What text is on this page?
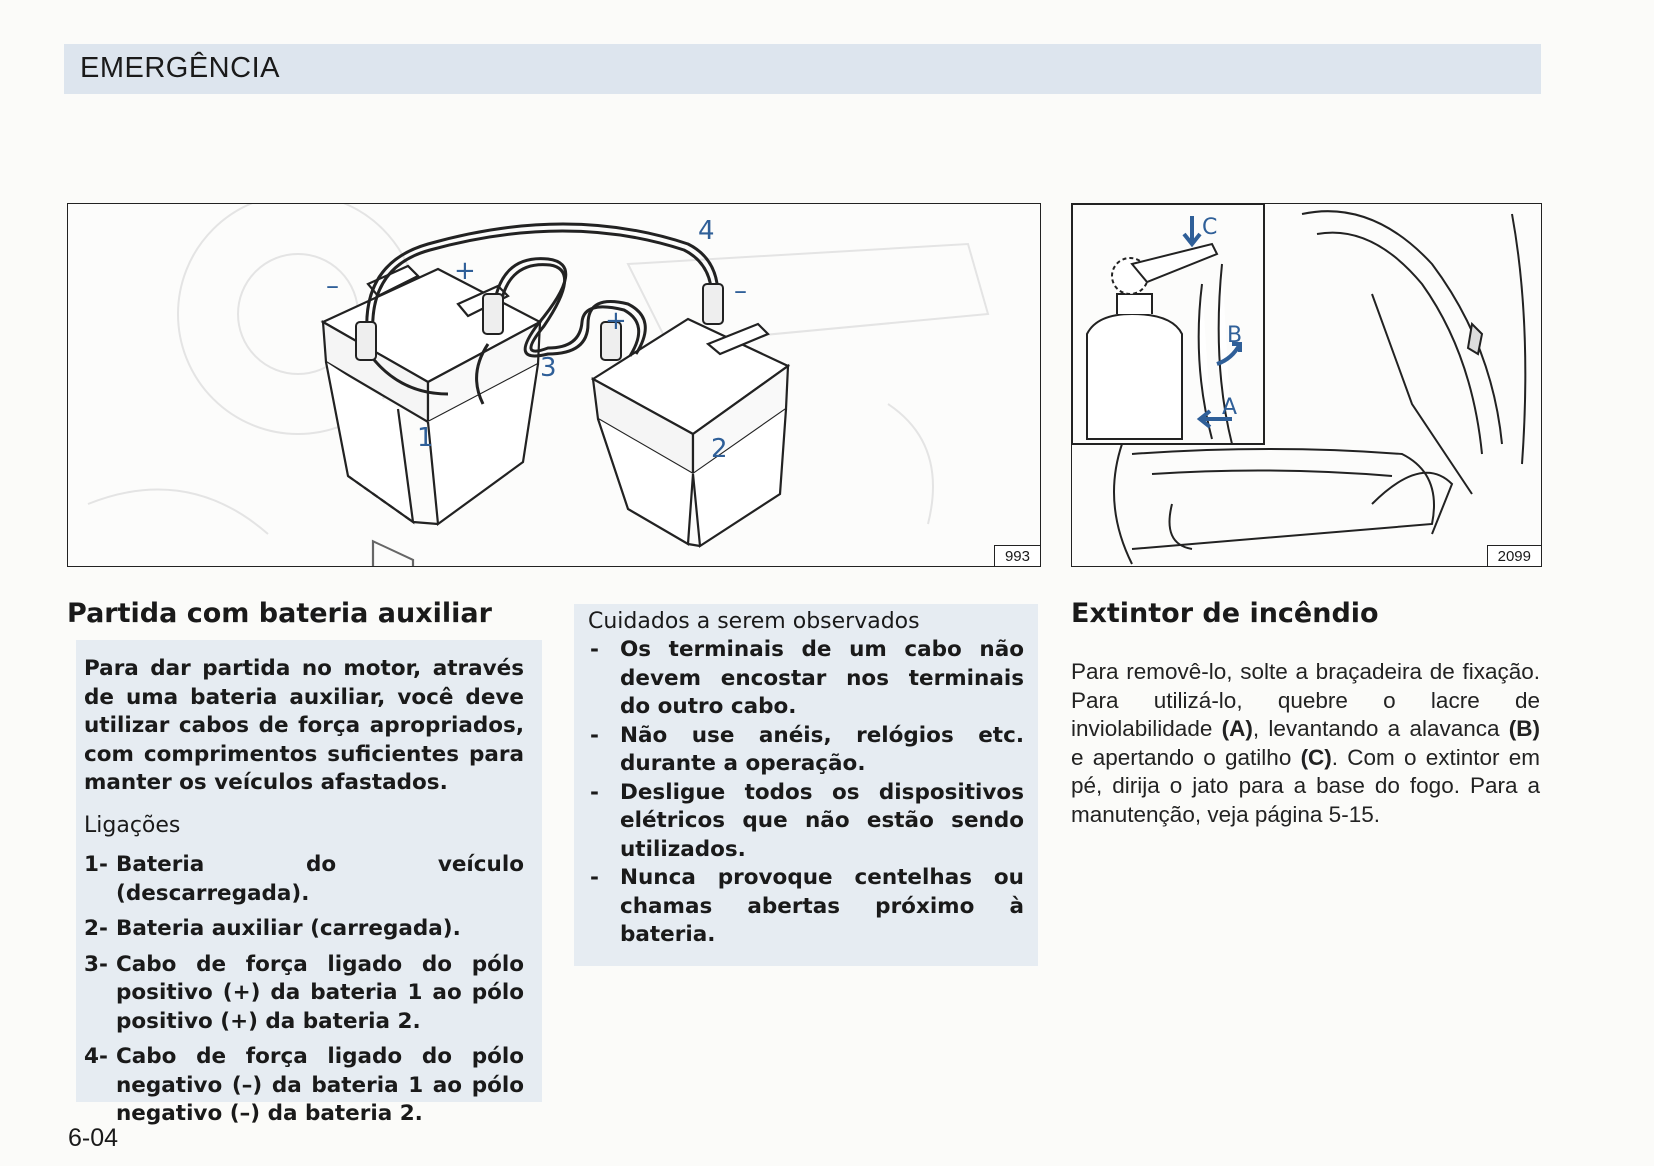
EMERGÊNCIA
–	+
+
–
1	2
3
4
993
C
B
A
2099
Partida com bateria auxiliar

Para dar partida no motor, através de uma bateria auxiliar, você deve utilizar cabos de força apropriados, com comprimentos suficientes para manter os veículos afastados.

Ligações
1- Bateria do veículo (descarregada).
2- Bateria auxiliar (carregada).
3- Cabo de força ligado do pólo positivo (+) da bateria 1 ao pólo positivo (+) da bateria 2.
4- Cabo de força ligado do pólo negativo (–) da bateria 1 ao pólo negativo (–) da bateria 2.
Cuidados a serem observados
- Os terminais de um cabo não devem encostar nos terminais do outro cabo.
- Não use anéis, relógios etc. durante a operação.
- Desligue todos os dispositivos elétricos que não estão sendo utilizados.
- Nunca provoque centelhas ou chamas abertas próximo à bateria.
Extintor de incêndio

Para removê-lo, solte a braçadeira de fixação. Para utilizá-lo, quebre o lacre de inviolabilidade (A), levantando a alavanca (B) e apertando o gatilho (C). Com o extintor em pé, dirija o jato para a base do fogo. Para a manutenção, veja página 5-15.

6-04
